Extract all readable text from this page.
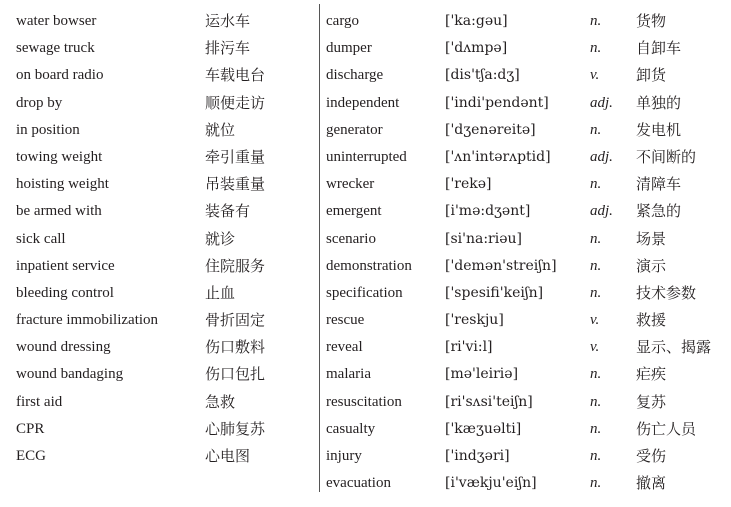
water bowser	运水车
sewage truck	排污车
on board radio	车载电台
drop by	顺便走访
in position	就位
towing weight	牵引重量
hoisting weight	吊装重量
be armed with	装备有
sick call	就诊
inpatient service	住院服务
bleeding control	止血
fracture immobilization	骨折固定
wound dressing	伤口敷料
wound bandaging	伤口包扎
first aid	急救
CPR	心肺复苏
ECG	心电图
cargo	['ka:gəu]	n. 货物
dumper	['dʌmpə]	n. 自卸车
discharge	[dis'tʃa:dʒ]	v. 卸货
independent	['indi'pendənt]	adj. 单独的
generator	['dʒenəreitə]	n. 发电机
uninterrupted	['ʌn'intərʌptid]	adj. 不间断的
wrecker	['rekə]	n. 清障车
emergent	[i'mə:dʒənt]	adj. 紧急的
scenario	[si'na:riəu]	n. 场景
demonstration ['demən'streiʃn] n. 演示
specification	['spesifi'keiʃn]	n. 技术参数
rescue	['reskju]	v. 救援
reveal	[ri'vi:l]	v. 显示、揭露
malaria	[mə'leiriə]	n. 疟疾
resuscitation	[ri'sʌsi'teiʃn]	n. 复苏
casualty	['kæʒuəlti]	n. 伤亡人员
injury	['indʒəri]	n. 受伤
evacuation	[i'vækju'eiʃn]	n. 撤离
